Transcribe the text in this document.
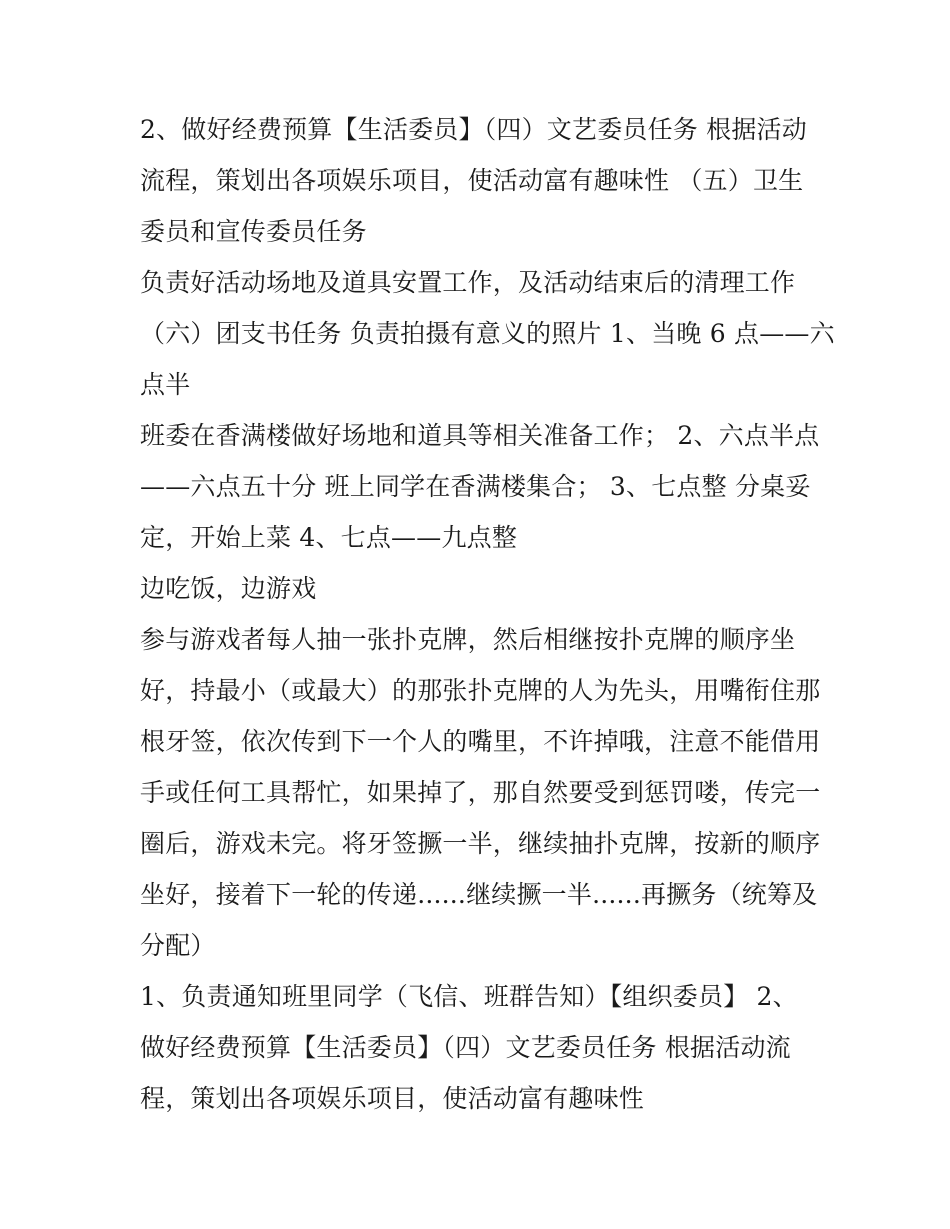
2、做好经费预算【生活委员】（四）文艺委员任务 根据活动
流程，策划出各项娱乐项目，使活动富有趣味性 （五）卫生
委员和宣传委员任务
负责好活动场地及道具安置工作，及活动结束后的清理工作
（六）团支书任务 负责拍摄有意义的照片 1、当晚 6 点——六
点半
班委在香满楼做好场地和道具等相关准备工作； 2、六点半点
——六点五十分 班上同学在香满楼集合； 3、七点整 分桌妥
定，开始上菜 4、七点——九点整
边吃饭，边游戏
参与游戏者每人抽一张扑克牌，然后相继按扑克牌的顺序坐
好，持最小（或最大）的那张扑克牌的人为先头，用嘴衔住那
根牙签，依次传到下一个人的嘴里，不许掉哦，注意不能借用
手或任何工具帮忙，如果掉了，那自然要受到惩罚喽，传完一
圈后，游戏未完。将牙签撅一半，继续抽扑克牌，按新的顺序
坐好，接着下一轮的传递......继续撅一半......再撅务（统筹及
分配）
1、负责通知班里同学（飞信、班群告知）【组织委员】 2、
做好经费预算【生活委员】（四）文艺委员任务 根据活动流
程，策划出各项娱乐项目，使活动富有趣味性
